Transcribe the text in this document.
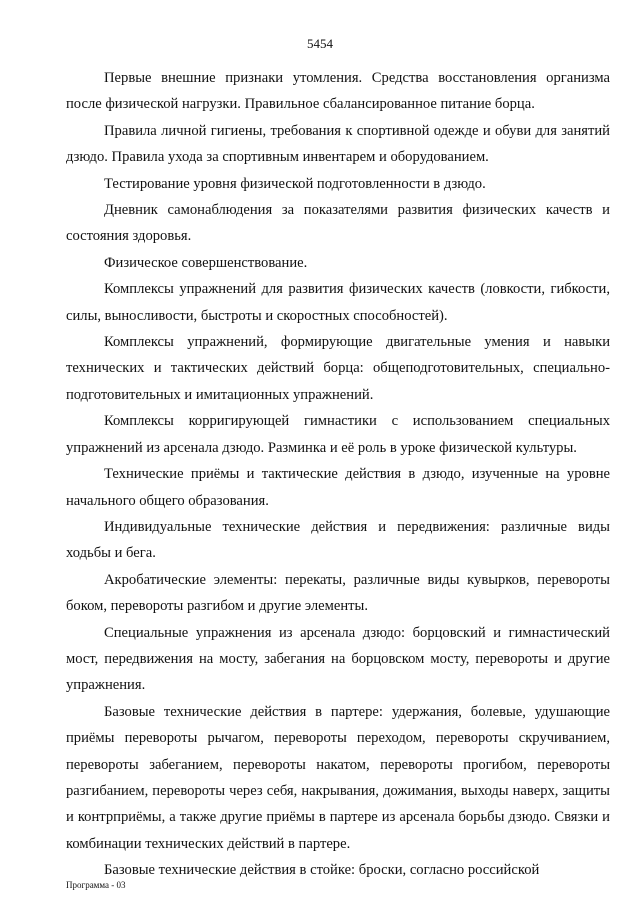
5454

Первые внешние признаки утомления. Средства восстановления организма после физической нагрузки. Правильное сбалансированное питание борца.

Правила личной гигиены, требования к спортивной одежде и обуви для занятий дзюдо. Правила ухода за спортивным инвентарем и оборудованием.

Тестирование уровня физической подготовленности в дзюдо.

Дневник самонаблюдения за показателями развития физических качеств и состояния здоровья.

Физическое совершенствование.

Комплексы упражнений для развития физических качеств (ловкости, гибкости, силы, выносливости, быстроты и скоростных способностей).

Комплексы упражнений, формирующие двигательные умения и навыки технических и тактических действий борца: общеподготовительных, специально-подготовительных и имитационных упражнений.

Комплексы корригирующей гимнастики с использованием специальных упражнений из арсенала дзюдо. Разминка и её роль в уроке физической культуры.

Технические приёмы и тактические действия в дзюдо, изученные на уровне начального общего образования.

Индивидуальные технические действия и передвижения: различные виды ходьбы и бега.

Акробатические элементы: перекаты, различные виды кувырков, перевороты боком, перевороты разгибом и другие элементы.

Специальные упражнения из арсенала дзюдо: борцовский и гимнастический мост, передвижения на мосту, забегания на борцовском мосту, перевороты и другие упражнения.

Базовые технические действия в партере: удержания, болевые, удушающие приёмы перевороты рычагом, перевороты переходом, перевороты скручиванием, перевороты забеганием, перевороты накатом, перевороты прогибом, перевороты разгибанием, перевороты через себя, накрывания, дожимания, выходы наверх, защиты и контрприёмы, а также другие приёмы в партере из арсенала борьбы дзюдо. Связки и комбинации технических действий в партере.

Базовые технические действия в стойке: броски, согласно российской

Программа - 03
